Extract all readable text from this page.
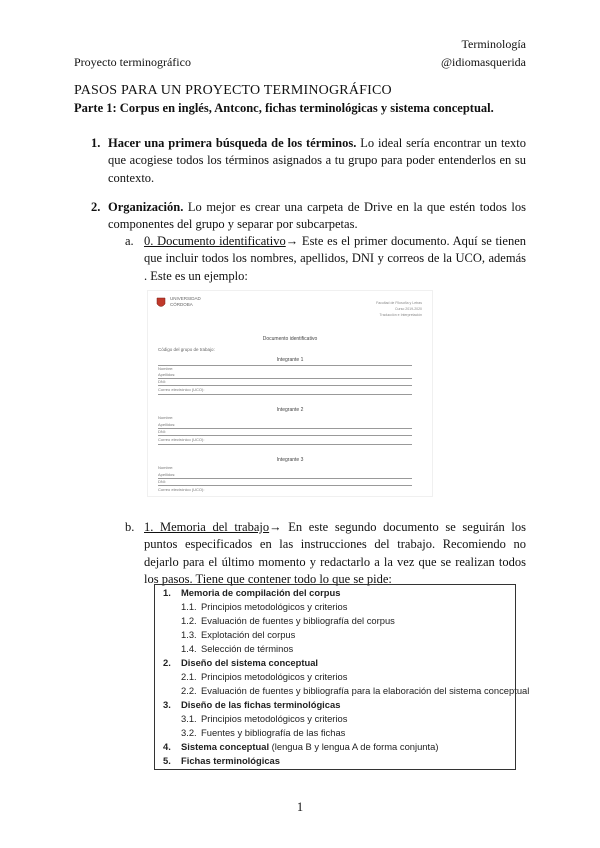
Terminología
Proyecto terminográfico	@idiomasquerida
PASOS PARA UN PROYECTO TERMINOGRÁFICO
Parte 1: Corpus en inglés, Antconc, fichas terminológicas y sistema conceptual.
1. Hacer una primera búsqueda de los términos. Lo ideal sería encontrar un texto que acogiese todos los términos asignados a tu grupo para poder entenderlos en su contexto.
2. Organización. Lo mejor es crear una carpeta de Drive en la que estén todos los componentes del grupo y separar por subcarpetas.
a. 0. Documento identificativo→ Este es el primer documento. Aquí se tienen que incluir todos los nombres, apellidos, DNI y correos de la UCO, además . Este es un ejemplo:
UNIVERSIDAD
CÓRDOBA	Facultad de Filosofía y Letras
Curso 2019-2020
Traducción e Interpretación
Documento identificativo
Código del grupo de trabajo:
Integrante 1
Nombre:
Apellidos:
DNI:
Correo electrónico (UCO):
Integrante 2
Nombre:
Apellidos:
DNI:
Correo electrónico (UCO):
Integrante 3
Nombre:
Apellidos:
DNI:
Correo electrónico (UCO):
b. 1. Memoria del trabajo→ En este segundo documento se seguirán los puntos especificados en las instrucciones del trabajo. Recomiendo no dejarlo para el último momento y redactarlo a la vez que se realizan todos los pasos. Tiene que contener todo lo que se pide:
1. Memoria de compilación del corpus
1.1. Principios metodológicos y criterios
1.2. Evaluación de fuentes y bibliografía del corpus
1.3. Explotación del corpus
1.4. Selección de términos
2. Diseño del sistema conceptual
2.1. Principios metodológicos y criterios
2.2. Evaluación de fuentes y bibliografía para la elaboración del sistema conceptual
3. Diseño de las fichas terminológicas
3.1. Principios metodológicos y criterios
3.2. Fuentes y bibliografía de las fichas
4. Sistema conceptual (lengua B y lengua A de forma conjunta)
5. Fichas terminológicas
1
